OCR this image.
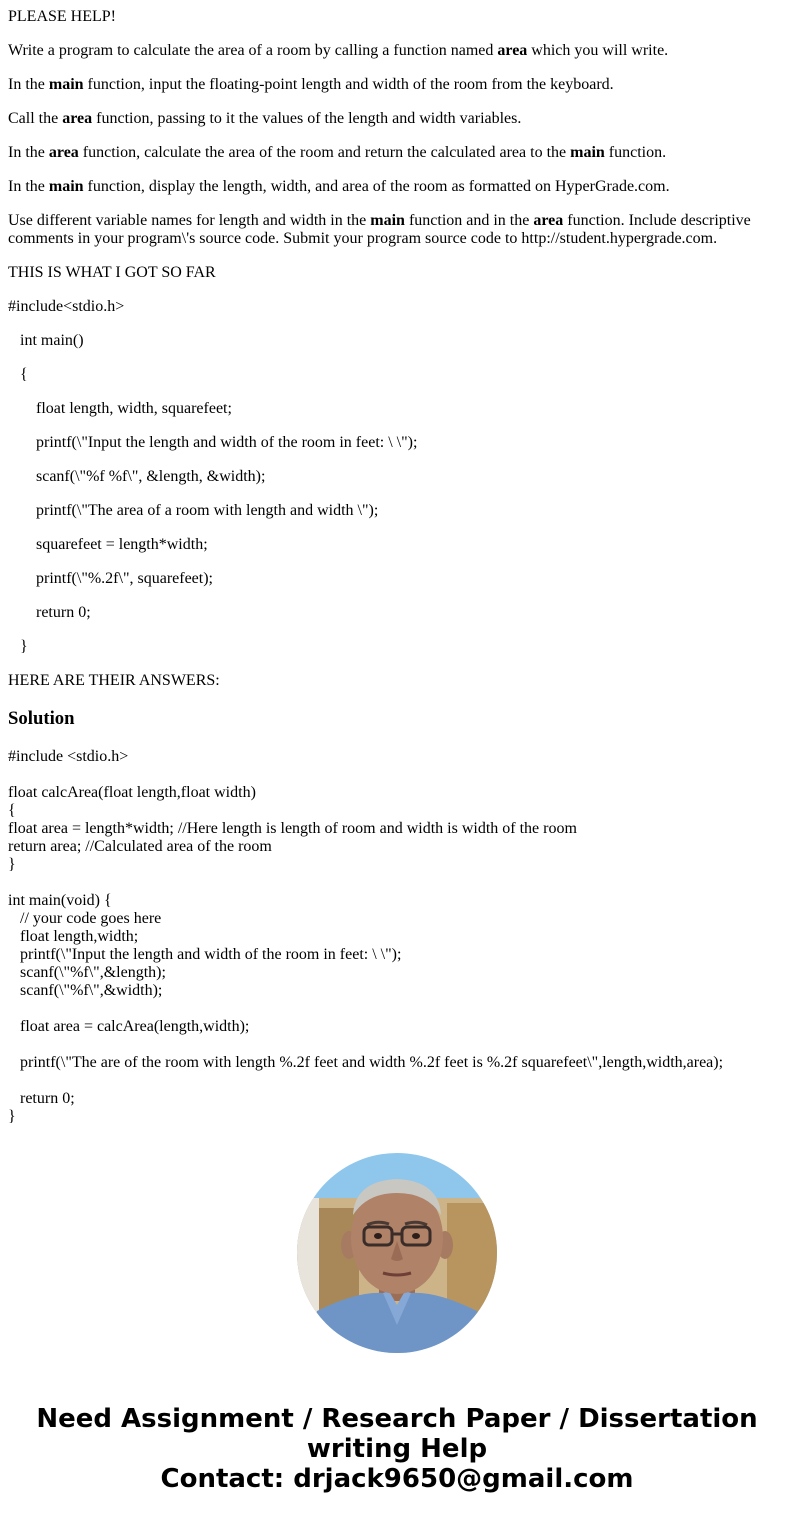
PLEASE HELP!

Write a program to calculate the area of a room by calling a function named area which you will write.

In the main function, input the floating-point length and width of the room from the keyboard.

Call the area function, passing to it the values of the length and width variables.

In the area function, calculate the area of the room and return the calculated area to the main function.

In the main function, display the length, width, and area of the room as formatted on HyperGrade.com.

Use different variable names for length and width in the main function and in the area function. Include descriptive comments in your program\'s source code. Submit your program source code to http://student.hypergrade.com.

THIS IS WHAT I GOT SO FAR

#include<stdio.h>
int main()
{
float length, width, squarefeet;
printf(\"Input the length and width of the room in feet: \ \");
scanf(\"%f %f\", &length, &width);
printf(\"The area of a room with length and width \");
squarefeet = length*width;
printf(\"%.2f\", squarefeet);
return 0;
}

HERE ARE THEIR ANSWERS:

Solution
#include <stdio.h>
float calcArea(float length,float width)
{
float area = length*width; //Here length is length of room and width is width of the room
return area; //Calculated area of the room
}
int main(void) {
// your code goes here
float length,width;
printf(\"Input the length and width of the room in feet: \ \");
scanf(\"%f\",&length);
scanf(\"%f\",&width);
float area = calcArea(length,width);
printf(\"The are of the room with length %.2f feet and width %.2f feet is %.2f squarefeet\",length,width,area);
return 0;
}
Need Assignment / Research Paper / Dissertation
writing Help
Contact: drjack9650@gmail.com
